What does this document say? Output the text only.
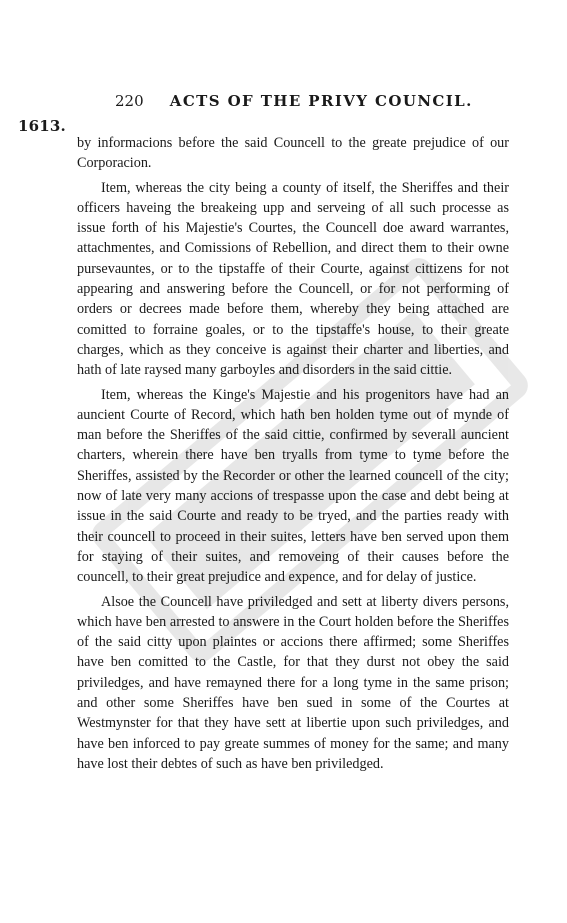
1613.
220 ACTS OF THE PRIVY COUNCIL.

by informacions before the said Councell to the greate prejudice of our Corporacion.

Item, whereas the city being a county of itself, the Sheriffes and their officers haveing the breakeing upp and serveing of all such processe as issue forth of his Majestie's Courtes, the Councell doe award warrantes, attachmentes, and Comissions of Rebellion, and direct them to their owne pursevauntes, or to the tipstaffe of their Courte, against cittizens for not appearing and answering before the Councell, or for not performing of orders or decrees made before them, whereby they being attached are comitted to forraine goales, or to the tipstaffe's house, to their greate charges, which as they conceive is against their charter and liberties, and hath of late raysed many garboyles and disorders in the said cittie.

Item, whereas the Kinge's Majestie and his progenitors have had an auncient Courte of Record, which hath ben holden tyme out of mynde of man before the Sheriffes of the said cittie, confirmed by severall auncient charters, wherein there have ben tryalls from tyme to tyme before the Sheriffes, assisted by the Recorder or other the learned councell of the city; now of late very many accions of trespasse upon the case and debt being at issue in the said Courte and ready to be tryed, and the parties ready with their councell to proceed in their suites, letters have ben served upon them for staying of their suites, and removeing of their causes before the councell, to their great prejudice and expence, and for delay of justice.

Alsoe the Councell have priviledged and sett at liberty divers persons, which have ben arrested to answere in the Court holden before the Sheriffes of the said citty upon plaintes or accions there affirmed; some Sheriffes have ben comitted to the Castle, for that they durst not obey the said priviledges, and have remayned there for a long tyme in the same prison; and other some Sheriffes have ben sued in some of the Courtes at Westmynster for that they have sett at libertie upon such priviledges, and have ben inforced to pay greate summes of money for the same; and many have lost their debtes of such as have ben priviledged.
